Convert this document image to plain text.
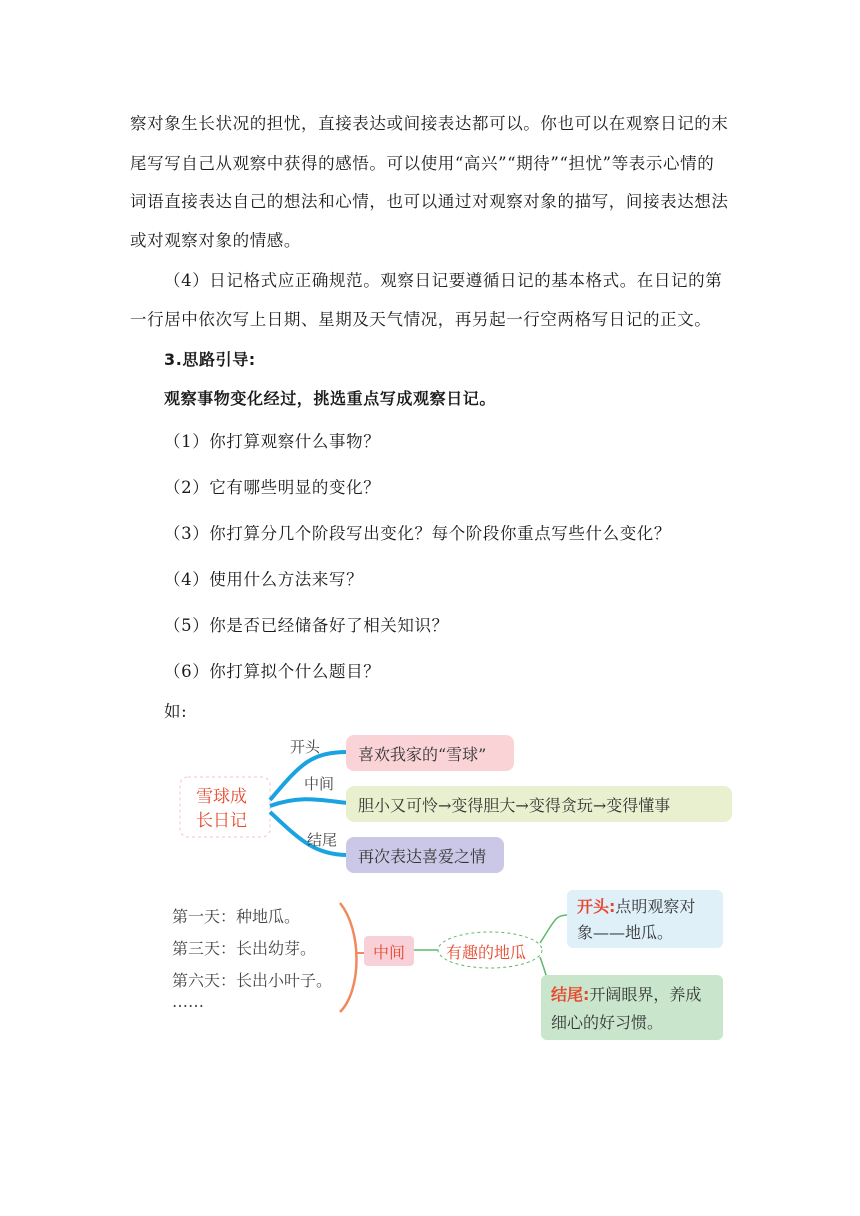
察对象生长状况的担忧，直接表达或间接表达都可以。你也可以在观察日记的末
尾写写自己从观察中获得的感悟。可以使用“高兴”“期待”“担忧”等表示心情的
词语直接表达自己的想法和心情，也可以通过对观察对象的描写，间接表达想法
或对观察对象的情感。
（4）日记格式应正确规范。观察日记要遵循日记的基本格式。在日记的第
一行居中依次写上日期、星期及天气情况，再另起一行空两格写日记的正文。
3.思路引导:
观察事物变化经过，挑选重点写成观察日记。
（1）你打算观察什么事物？
（2）它有哪些明显的变化？
（3）你打算分几个阶段写出变化？每个阶段你重点写些什么变化？
（4）使用什么方法来写？
（5）你是否已经储备好了相关知识？
（6）你打算拟个什么题目？
如:
雪球成
长日记
开头
中间
结尾
喜欢我家的“雪球”
胆小又可怜→变得胆大→变得贪玩→变得懂事
再次表达喜爱之情
第一天：种地瓜。
第三天：长出幼芽。
第六天：长出小叶子。
……
中间	有趣的地瓜
开头:点明观察对
象——地瓜。
结尾:开阔眼界，养成
细心的好习惯。
